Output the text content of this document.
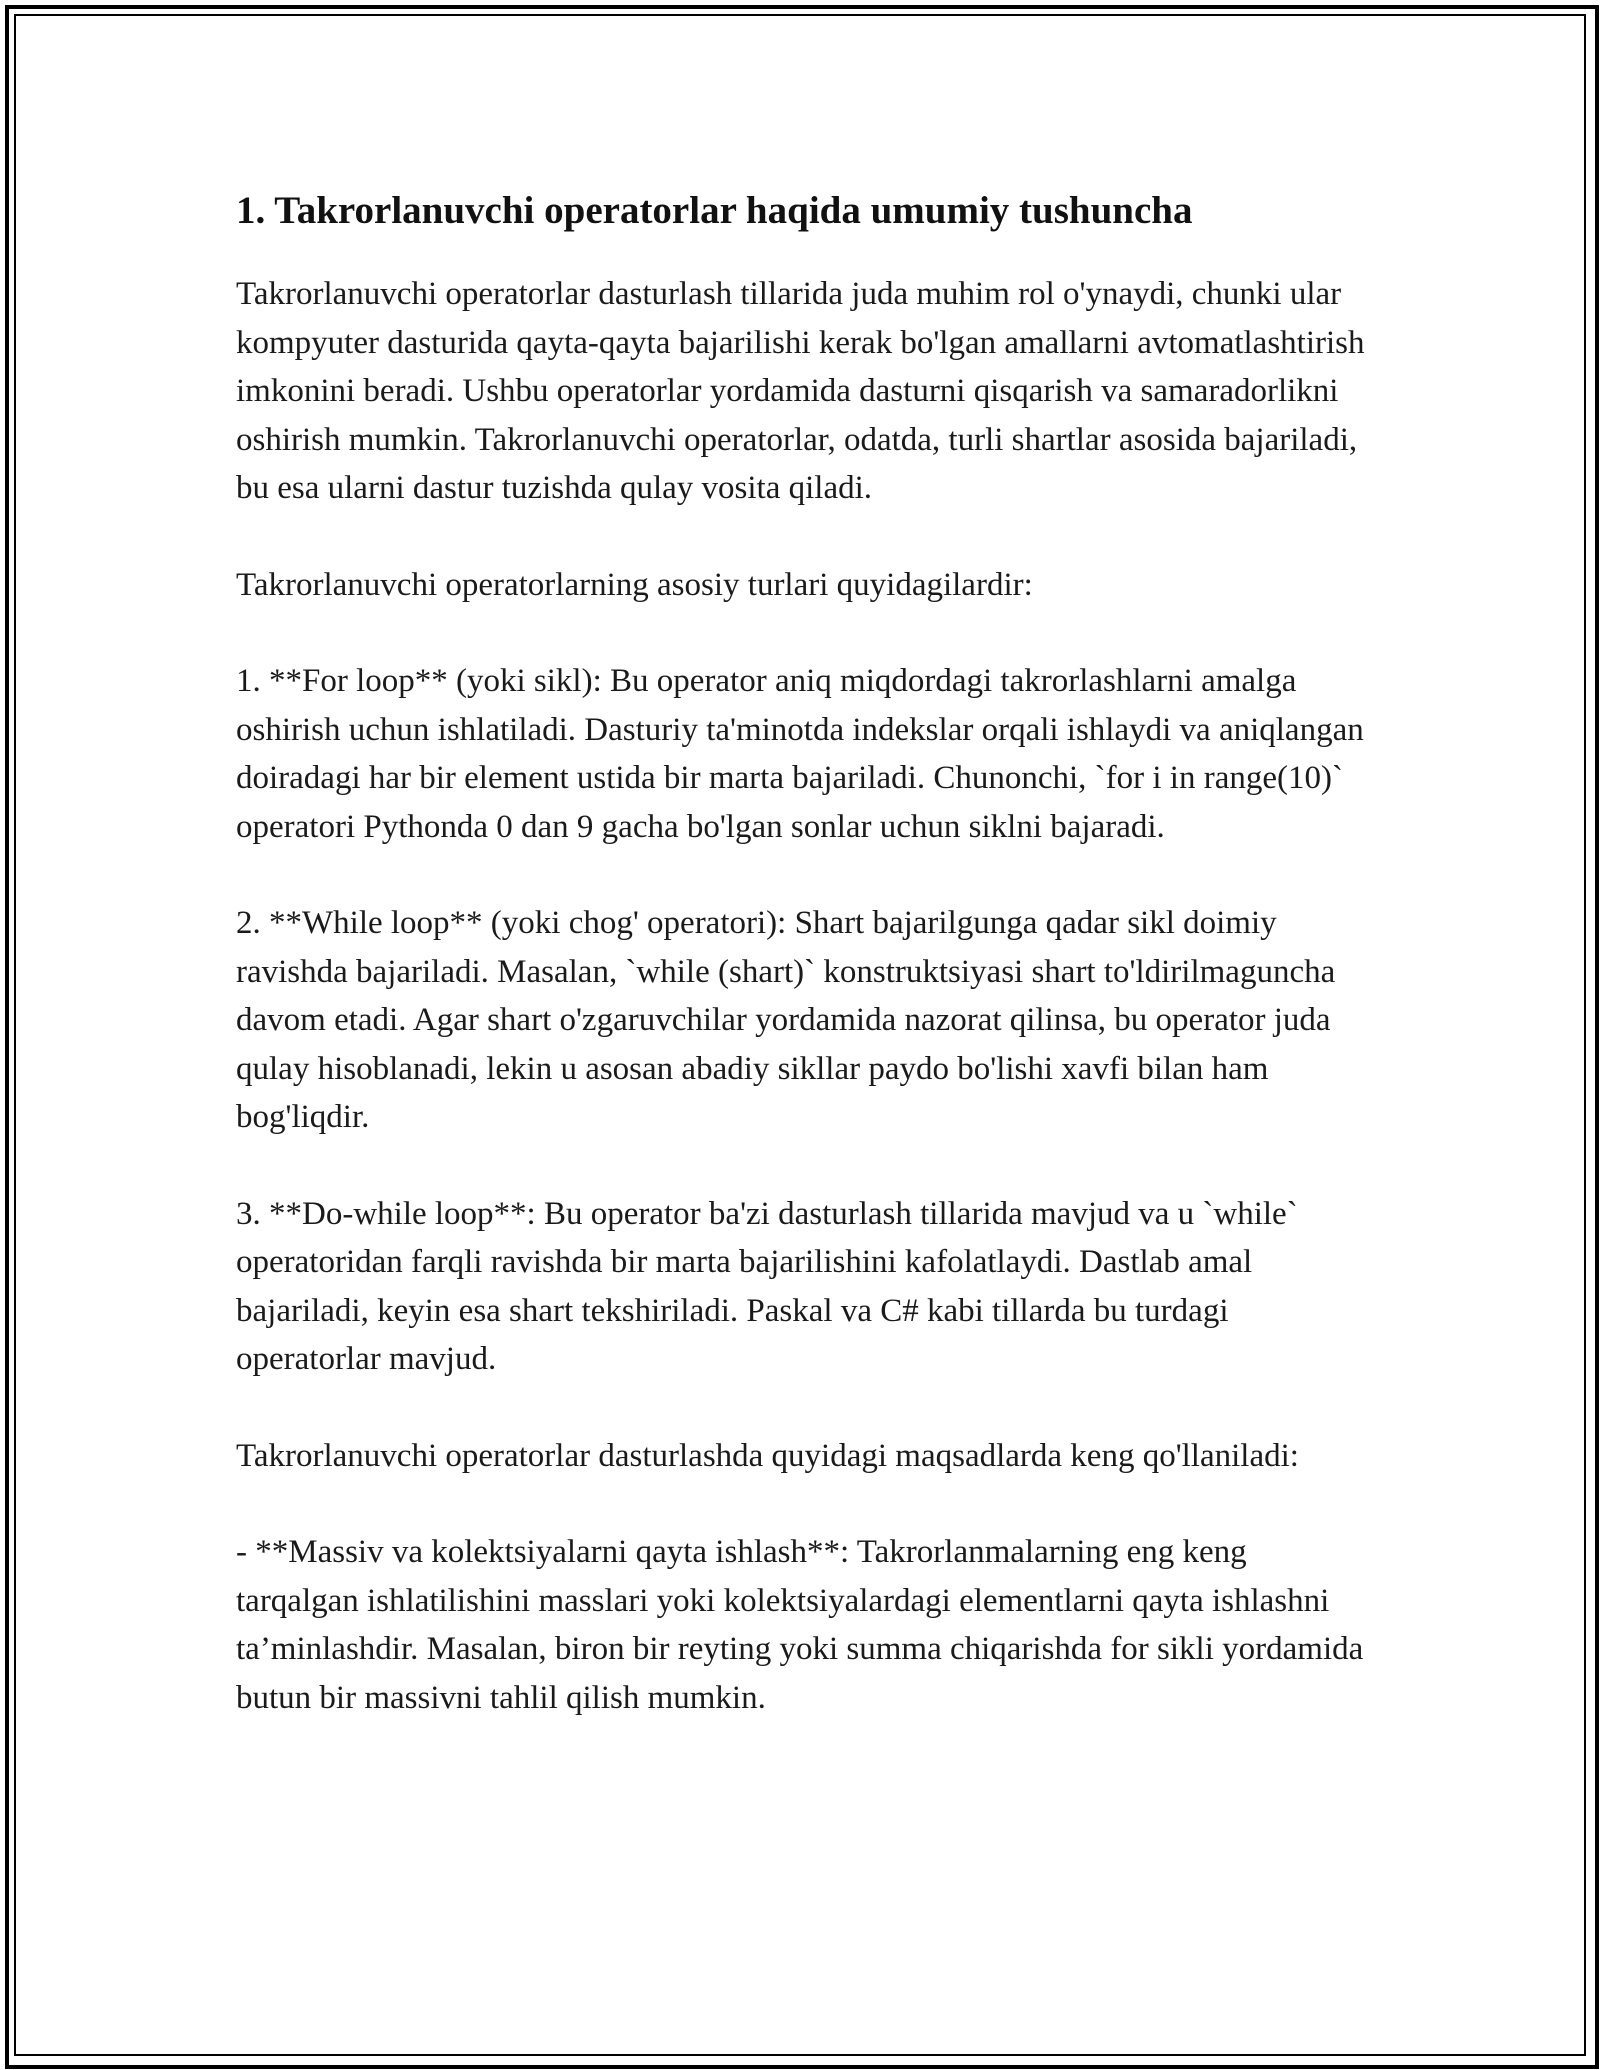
1. Takrorlanuvchi operatorlar haqida umumiy tushuncha

Takrorlanuvchi operatorlar dasturlash tillarida juda muhim rol o'ynaydi, chunki ular kompyuter dasturida qayta-qayta bajarilishi kerak bo'lgan amallarni avtomatlashtirish imkonini beradi. Ushbu operatorlar yordamida dasturni qisqarish va samaradorlikni oshirish mumkin. Takrorlanuvchi operatorlar, odatda, turli shartlar asosida bajariladi, bu esa ularni dastur tuzishda qulay vosita qiladi.

Takrorlanuvchi operatorlarning asosiy turlari quyidagilardir:

1. **For loop** (yoki sikl): Bu operator aniq miqdordagi takrorlashlarni amalga oshirish uchun ishlatiladi. Dasturiy ta'minotda indekslar orqali ishlaydi va aniqlangan doiradagi har bir element ustida bir marta bajariladi. Chunonchi, `for i in range(10)` operatori Pythonda 0 dan 9 gacha bo'lgan sonlar uchun siklni bajaradi.

2. **While loop** (yoki chog' operatori): Shart bajarilgunga qadar sikl doimiy ravishda bajariladi. Masalan, `while (shart)` konstruktsiyasi shart to'ldirilmaguncha davom etadi. Agar shart o'zgaruvchilar yordamida nazorat qilinsa, bu operator juda qulay hisoblanadi, lekin u asosan abadiy sikllar paydo bo'lishi xavfi bilan ham bog'liqdir.

3. **Do-while loop**: Bu operator ba'zi dasturlash tillarida mavjud va u `while` operatoridan farqli ravishda bir marta bajarilishini kafolatlaydi. Dastlab amal bajariladi, keyin esa shart tekshiriladi. Paskal va C# kabi tillarda bu turdagi operatorlar mavjud.

Takrorlanuvchi operatorlar dasturlashda quyidagi maqsadlarda keng qo'llaniladi:

- **Massiv va kolektsiyalarni qayta ishlash**: Takrorlanmalarning eng keng tarqalgan ishlatilishini masslari yoki kolektsiyalardagi elementlarni qayta ishlashni ta’minlashdir. Masalan, biron bir reyting yoki summa chiqarishda for sikli yordamida butun bir massivni tahlil qilish mumkin.
